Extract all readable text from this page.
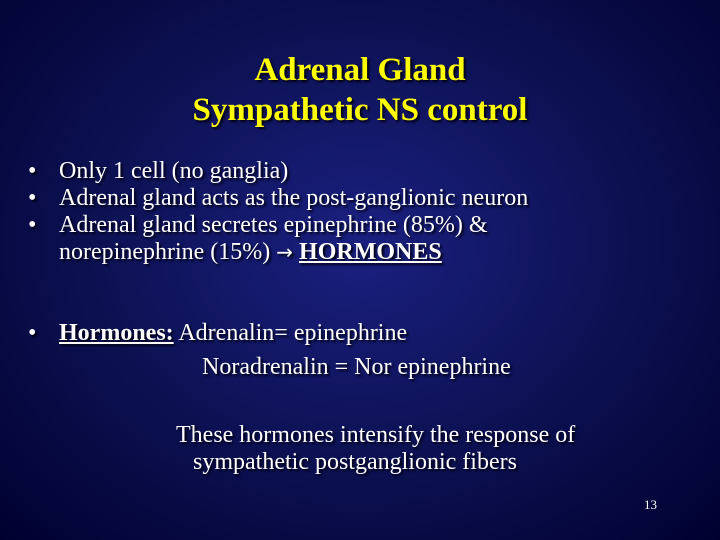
Adrenal Gland
Sympathetic NS control
• Only 1 cell (no ganglia)
• Adrenal gland acts as the post-ganglionic neuron
• Adrenal gland secretes epinephrine (85%) &
norepinephrine (15%) → HORMONES
• Hormones: Adrenalin= epinephrine
Noradrenalin = Nor epinephrine
These hormones intensify the response of
sympathetic postganglionic fibers
13
